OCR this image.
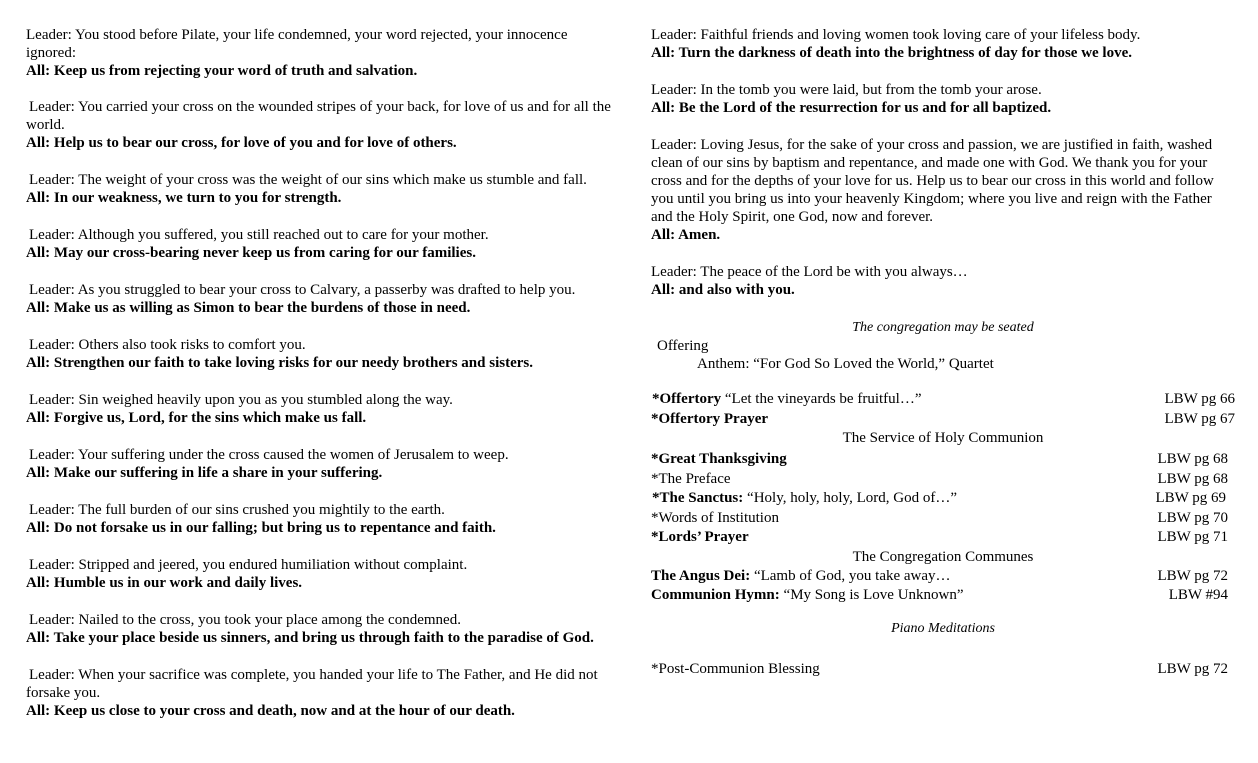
Leader: You stood before Pilate, your life condemned, your word rejected, your innocence ignored:
All: Keep us from rejecting your word of truth and salvation.
Leader: You carried your cross on the wounded stripes of your back, for love of us and for all the world.
All: Help us to bear our cross, for love of you and for love of others.
Leader: The weight of your cross was the weight of our sins which make us stumble and fall.
All: In our weakness, we turn to you for strength.
Leader: Although you suffered, you still reached out to care for your mother.
All: May our cross-bearing never keep us from caring for our families.
Leader: As you struggled to bear your cross to Calvary, a passerby was drafted to help you.
All: Make us as willing as Simon to bear the burdens of those in need.
Leader: Others also took risks to comfort you.
All: Strengthen our faith to take loving risks for our needy brothers and sisters.
Leader: Sin weighed heavily upon you as you stumbled along the way.
All: Forgive us, Lord, for the sins which make us fall.
Leader: Your suffering under the cross caused the women of Jerusalem to weep.
All: Make our suffering in life a share in your suffering.
Leader: The full burden of our sins crushed you mightily to the earth.
All: Do not forsake us in our falling; but bring us to repentance and faith.
Leader: Stripped and jeered, you endured humiliation without complaint.
All: Humble us in our work and daily lives.
Leader: Nailed to the cross, you took your place among the condemned.
All: Take your place beside us sinners, and bring us through faith to the paradise of God.
Leader: When your sacrifice was complete, you handed your life to The Father, and He did not forsake you.
All: Keep us close to your cross and death, now and at the hour of our death.
Leader: Faithful friends and loving women took loving care of your lifeless body.
All: Turn the darkness of death into the brightness of day for those we love.
Leader: In the tomb you were laid, but from the tomb your arose.
All: Be the Lord of the resurrection for us and for all baptized.
Leader: Loving Jesus, for the sake of your cross and passion, we are justified in faith, washed clean of our sins by baptism and repentance, and made one with God. We thank you for your cross and for the depths of your love for us. Help us to bear our cross in this world and follow you until you bring us into your heavenly Kingdom; where you live and reign with the Father and the Holy Spirit, one God, now and forever.
All: Amen.
Leader: The peace of the Lord be with you always…
All: and also with you.
The congregation may be seated
Offering
Anthem: “For God So Loved the World,” Quartet
*Offertory “Let the vineyards be fruitful…”	LBW pg 66
*Offertory Prayer	LBW pg 67
The Service of Holy Communion
*Great Thanksgiving	LBW pg 68
*The Preface	LBW pg 68
*The Sanctus: “Holy, holy, holy, Lord, God of…”	LBW pg 69
*Words of Institution	LBW pg 70
*Lords’ Prayer	LBW pg 71
The Congregation Communes
The Angus Dei: “Lamb of God, you take away…	LBW pg 72
Communion Hymn: “My Song is Love Unknown”	LBW #94
Piano Meditations
*Post-Communion Blessing	LBW pg 72
